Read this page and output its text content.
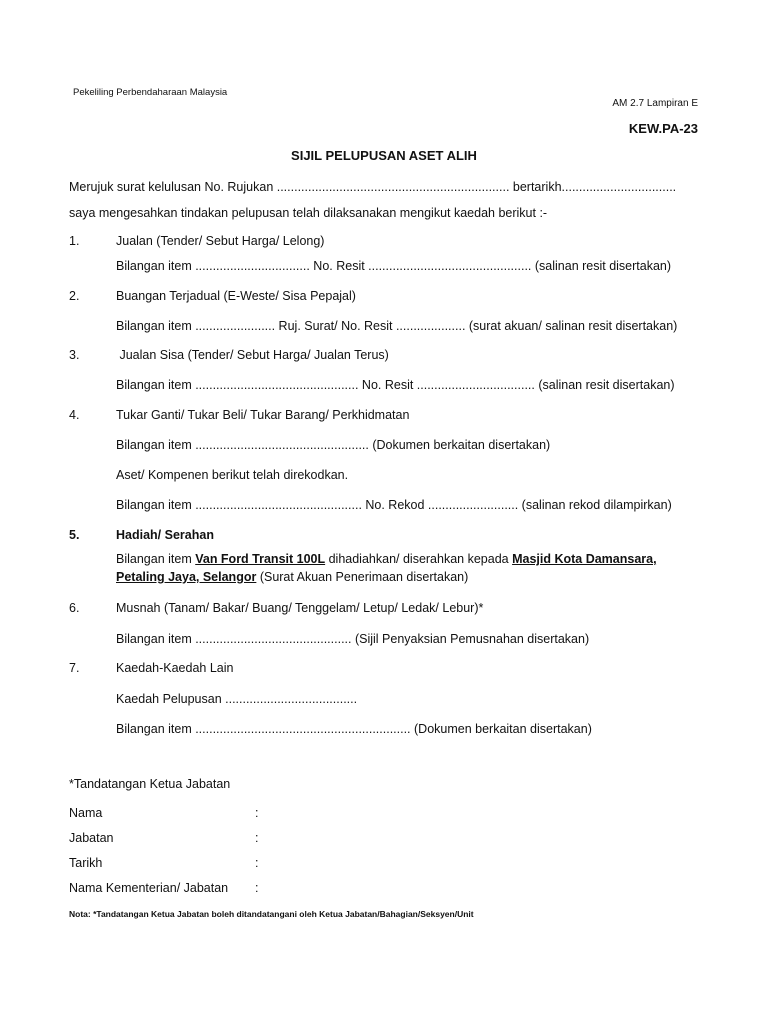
Pekeliling Perbendaharaan Malaysia
AM 2.7 Lampiran E
KEW.PA-23
SIJIL PELUPUSAN ASET ALIH
Merujuk surat kelulusan No. Rujukan ................................................................... bertarikh.................................
saya mengesahkan tindakan pelupusan telah dilaksanakan mengikut kaedah berikut :-
1.	Jualan (Tender/ Sebut Harga/ Lelong)
Bilangan item ................................. No. Resit ............................................... (salinan resit disertakan)
2.	Buangan Terjadual (E-Weste/ Sisa Pepajal)
Bilangan item ....................... Ruj. Surat/ No. Resit .................... (surat akuan/ salinan resit disertakan)
3.	Jualan Sisa (Tender/ Sebut Harga/ Jualan Terus)
Bilangan item ............................................... No. Resit .................................. (salinan resit disertakan)
4.	Tukar Ganti/ Tukar Beli/ Tukar Barang/ Perkhidmatan
Bilangan item .................................................. (Dokumen berkaitan disertakan)
Aset/ Kompenen berikut telah direkodkan.
Bilangan item ................................................ No. Rekod .......................... (salinan rekod dilampirkan)
5.	Hadiah/ Serahan
Bilangan item Van Ford Transit 100L dihadiahkan/ diserahkan kepada Masjid Kota Damansara,
Petaling Jaya, Selangor (Surat Akuan Penerimaan disertakan)
6.	Musnah (Tanam/ Bakar/ Buang/ Tenggelam/ Letup/ Ledak/ Lebur)*
Bilangan item ............................................. (Sijil Penyaksian Pemusnahan disertakan)
7.	Kaedah-Kaedah Lain
Kaedah Pelupusan ......................................
Bilangan item .............................................................. (Dokumen berkaitan disertakan)
*Tandatangan Ketua Jabatan
Nama	:
Jabatan	:
Tarikh	:
Nama Kementerian/ Jabatan :
Nota: *Tandatangan Ketua Jabatan boleh ditandatangani oleh Ketua Jabatan/Bahagian/Seksyen/Unit
